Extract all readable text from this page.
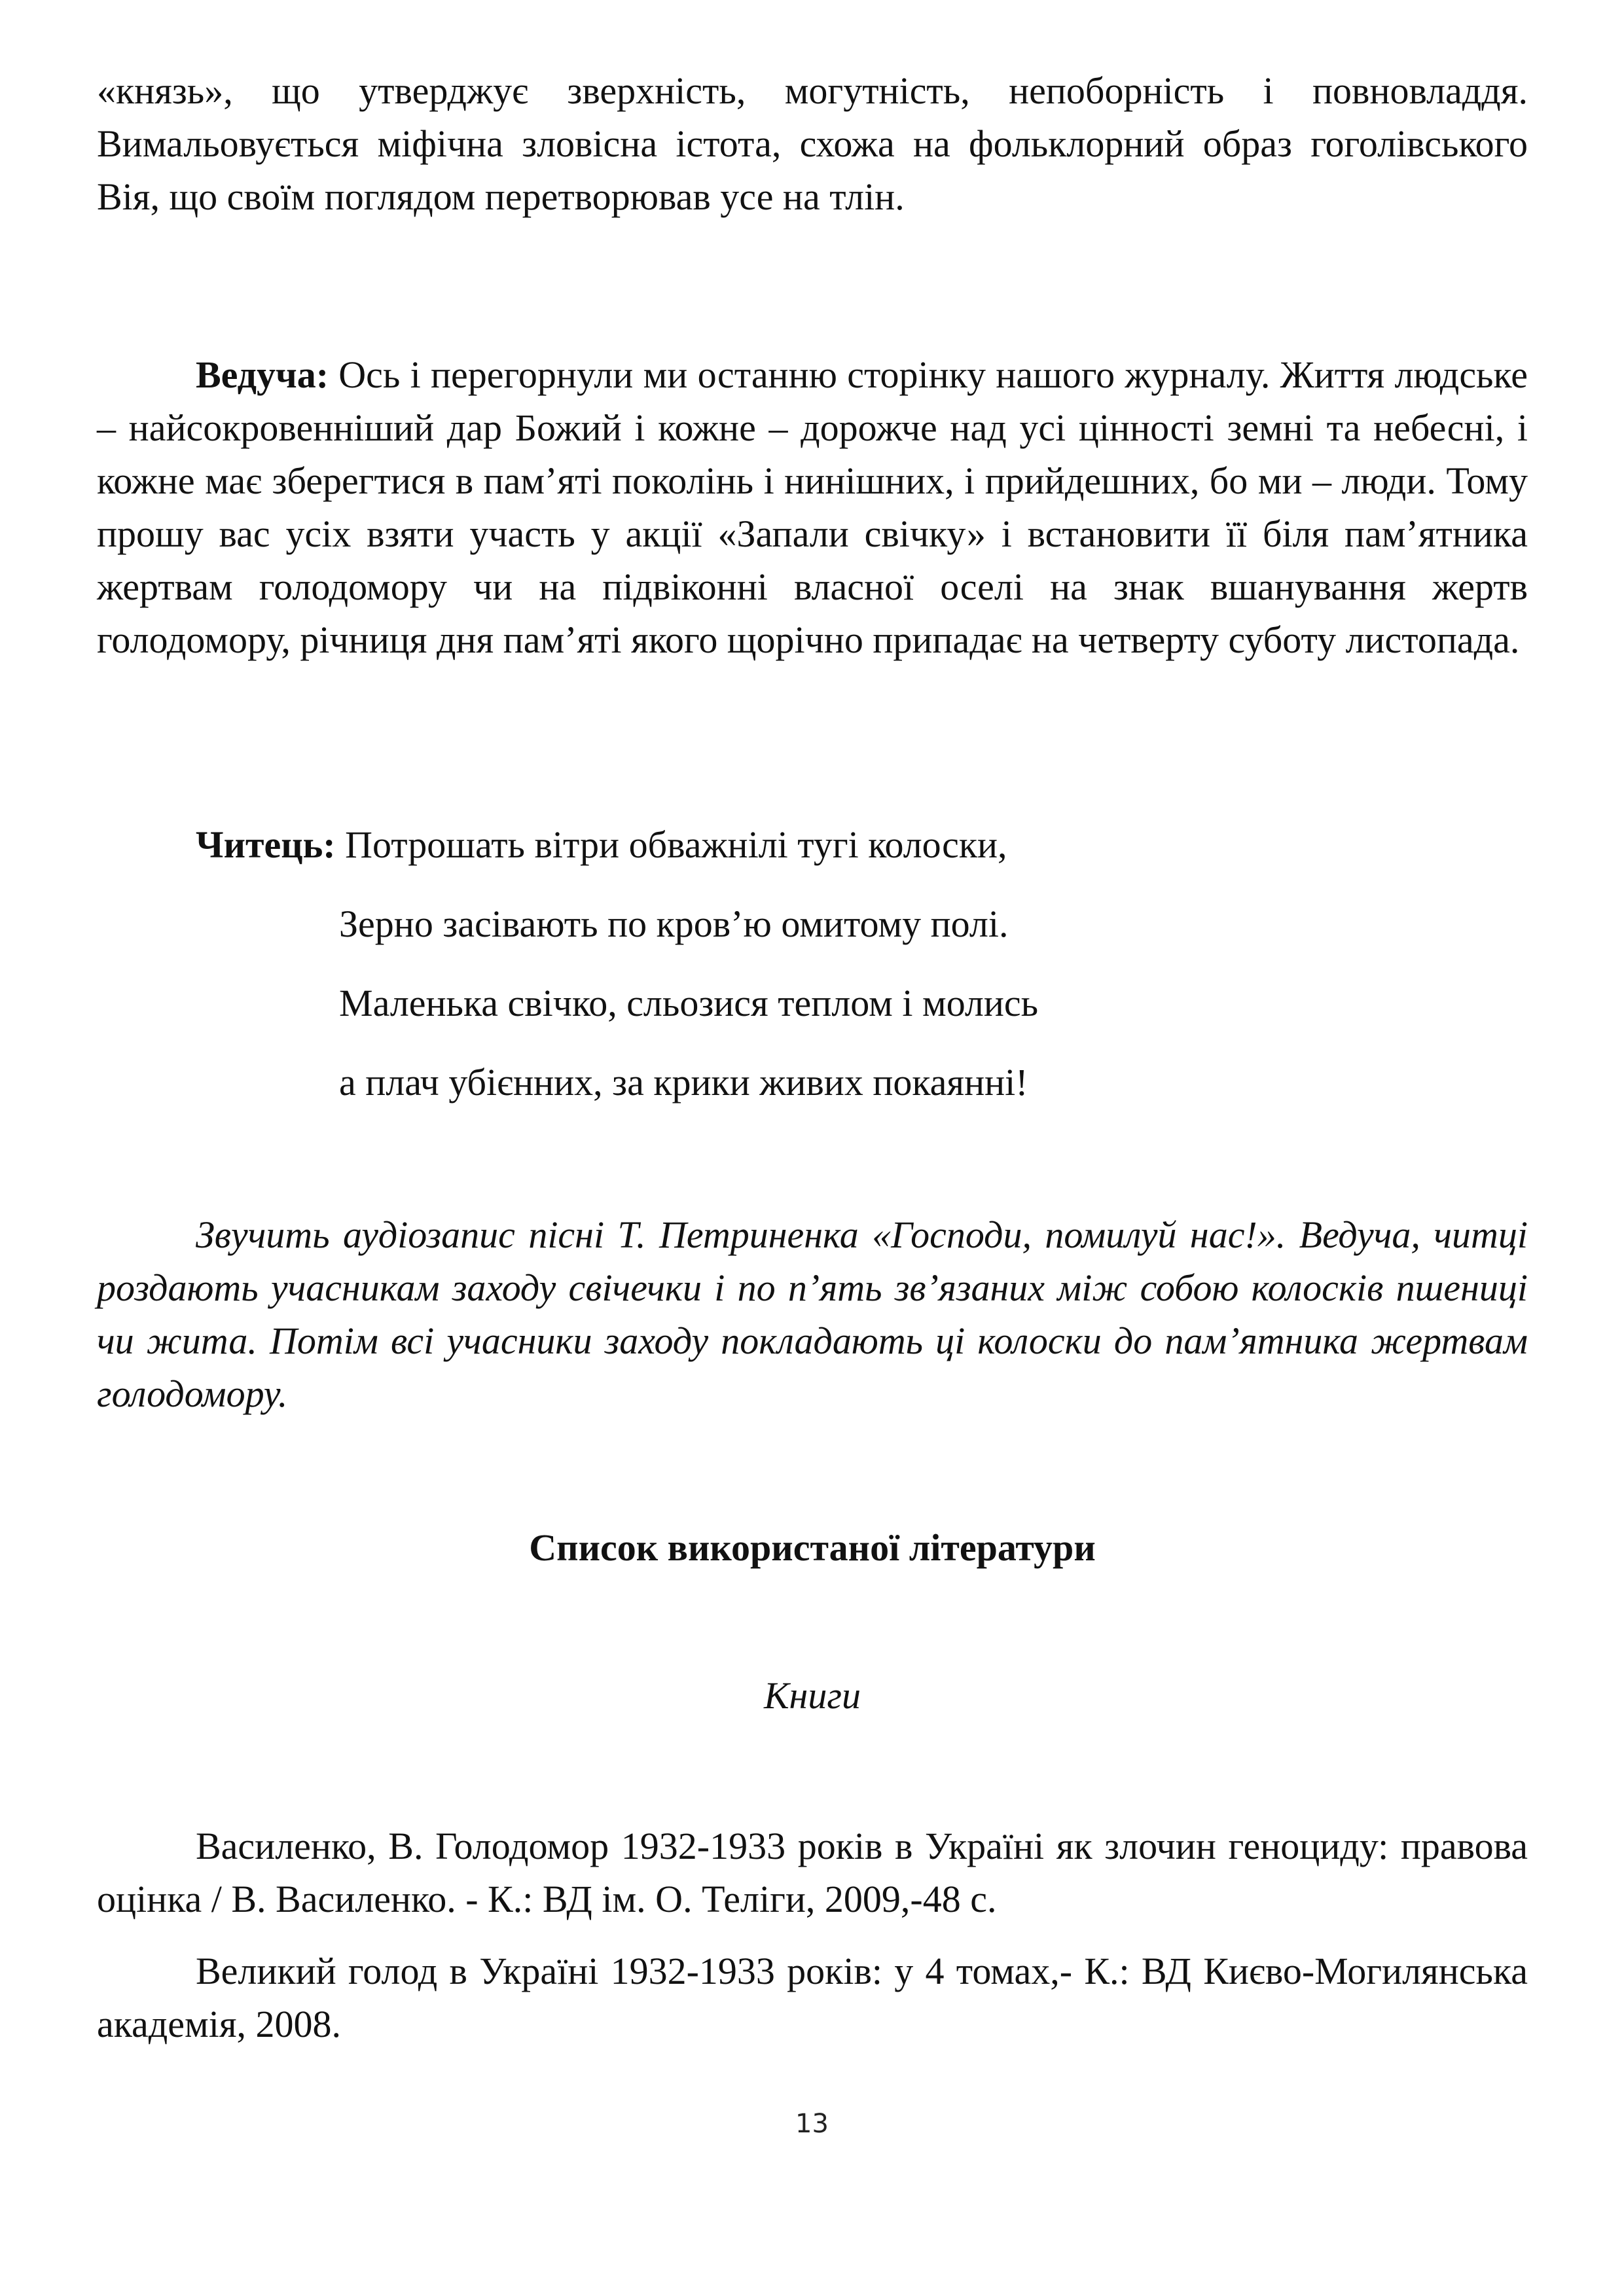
«князь», що утверджує зверхність, могутність, непоборність і повновладдя. Вимальовується міфічна зловісна істота, схожа на фольклорний образ гоголівського Вія, що своїм поглядом перетворював усе на тлін.

Ведуча: Ось і перегорнули ми останню сторінку нашого журналу. Життя людське – найсокровенніший дар Божий і кожне – дорожче над усі цінності земні та небесні, і кожне має зберегтися в пам’яті поколінь і нинішних, і прийдешних, бо ми – люди. Тому прошу вас усіх взяти участь у акції «Запали свічку» і встановити її біля пам’ятника жертвам голодомору чи на підвіконні власної оселі на знак вшанування жертв голодомору, річниця дня пам’яті якого щорічно припадає на четверту суботу листопада.

Читець: Потрошать вітри обважнілі тугі колоски,

Зерно засівають по кров’ю омитому полі.

Маленька свічко, сльозися теплом і молись

а плач убієнних, за крики живих покаянні!

Звучить аудіозапис пісні Т. Петриненка «Господи, помилуй нас!». Ведуча, читці роздають учасникам заходу свічечки і по п’ять зв’язаних між собою колосків пшениці чи жита. Потім всі учасники заходу покладають ці колоски до пам’ятника жертвам голодомору.

Список використаної літератури

Книги

Василенко, В. Голодомор 1932-1933 років в Україні як злочин геноциду: правова оцінка / В. Василенко. - К.: ВД ім. О. Теліги, 2009,-48 с.

Великий голод в Україні 1932-1933 років: у 4 томах,- К.: ВД Києво-Могилянська академія, 2008.

13
